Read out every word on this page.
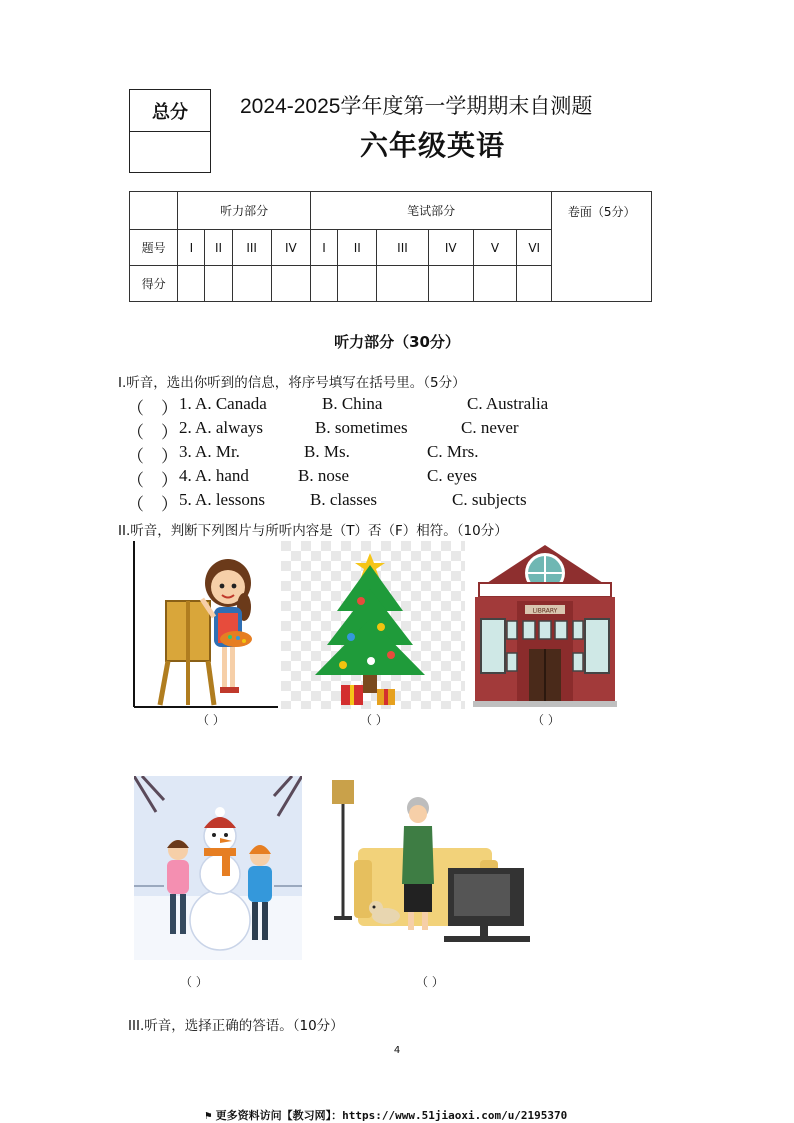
总分	2024-2025学年度第一学期期末自测题
六年级英语
	听力部分				笔试部分						卷面（5分）
题号	I	II	III	IV	I	II	III	IV	V	VI	
得分											
听力部分（30分）
I.听音，选出你听到的信息，将序号填写在括号里。（5分）
（　） 1. A. Canada	B. China	C. Australia
（　） 2. A. always	B. sometimes	C. never
（　） 3. A. Mr.	B. Ms.	C. Mrs.
（　） 4. A. hand	B. nose	C. eyes
（　） 5. A. lessons	B. classes	C. subjects
II.听音，判断下列图片与所听内容是（T）否（F）相符。（10分）
LIBRARY
（ ）	（ ）	（ ）
（ ）	（ ）
III.听音，选择正确的答语。（10分）
4
⚑ 更多资料访问【教习网】：https://www.51jiaoxi.com/u/2195370
